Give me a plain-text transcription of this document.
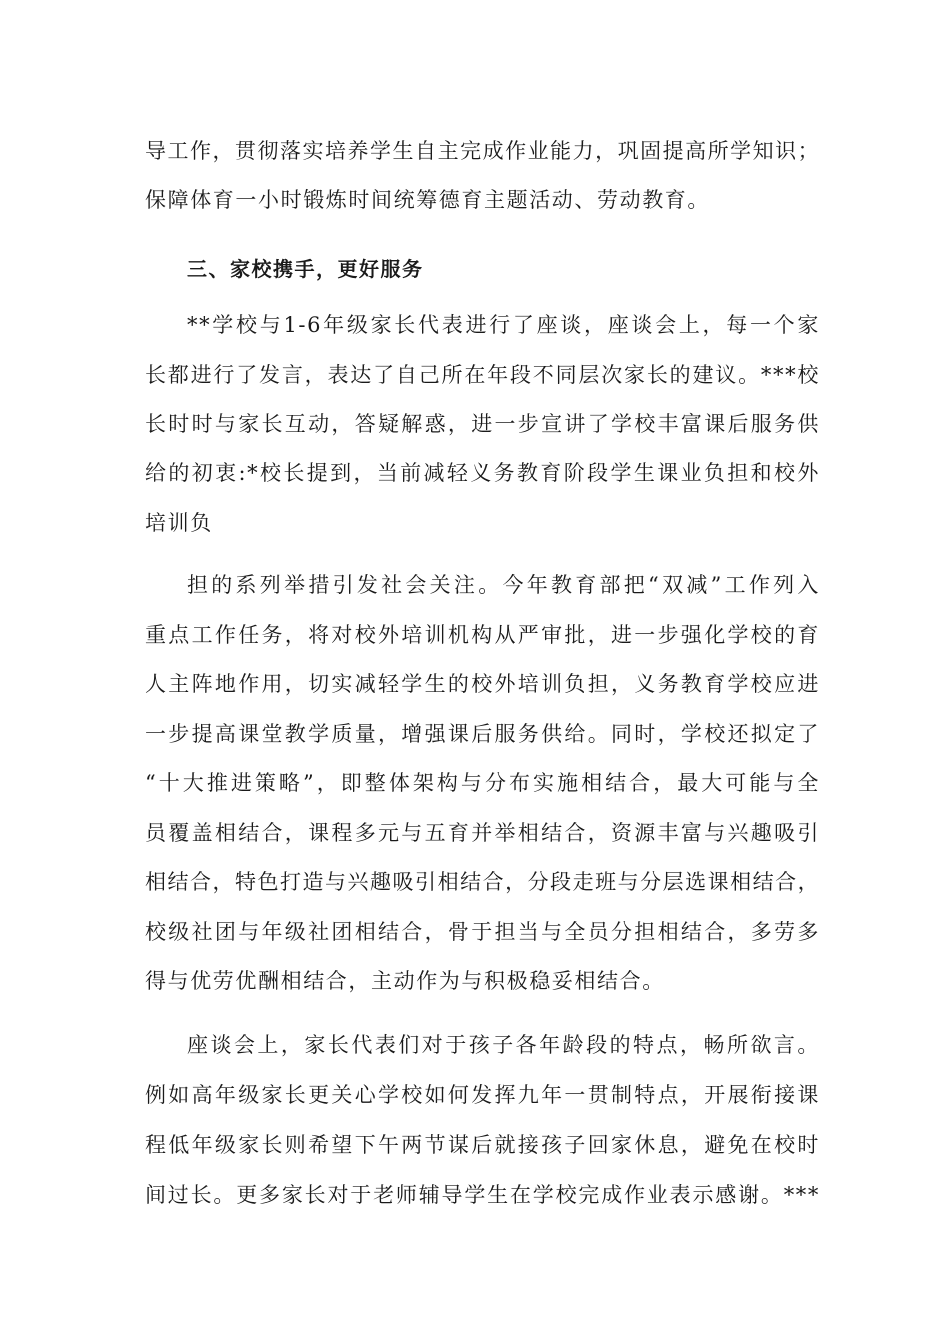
导工作，贯彻落实培养学生自主完成作业能力，巩固提高所学知识；
保障体育一小时锻炼时间统筹德育主题活动、劳动教育。
三、家校携手，更好服务
**学校与1-6年级家长代表进行了座谈，座谈会上，每一个家
长都进行了发言，表达了自己所在年段不同层次家长的建议。***校
长时时与家长互动，答疑解惑，进一步宣讲了学校丰富课后服务供
给的初衷:*校长提到，当前减轻义务教育阶段学生课业负担和校外
培训负
担的系列举措引发社会关注。今年教育部把“双减”工作列入
重点工作任务，将对校外培训机构从严审批，进一步强化学校的育
人主阵地作用，切实减轻学生的校外培训负担，义务教育学校应进
一步提高课堂教学质量，增强课后服务供给。同时，学校还拟定了
“十大推进策略”，即整体架构与分布实施相结合，最大可能与全
员覆盖相结合，课程多元与五育并举相结合，资源丰富与兴趣吸引
相结合，特色打造与兴趣吸引相结合，分段走班与分层选课相结合，
校级社团与年级社团相结合，骨于担当与全员分担相结合，多劳多
得与优劳优酬相结合，主动作为与积极稳妥相结合。
座谈会上，家长代表们对于孩子各年龄段的特点，畅所欲言。
例如高年级家长更关心学校如何发挥九年一贯制特点，开展衔接课
程低年级家长则希望下午两节谋后就接孩子回家休息，避免在校时
间过长。更多家长对于老师辅导学生在学校完成作业表示感谢。***
